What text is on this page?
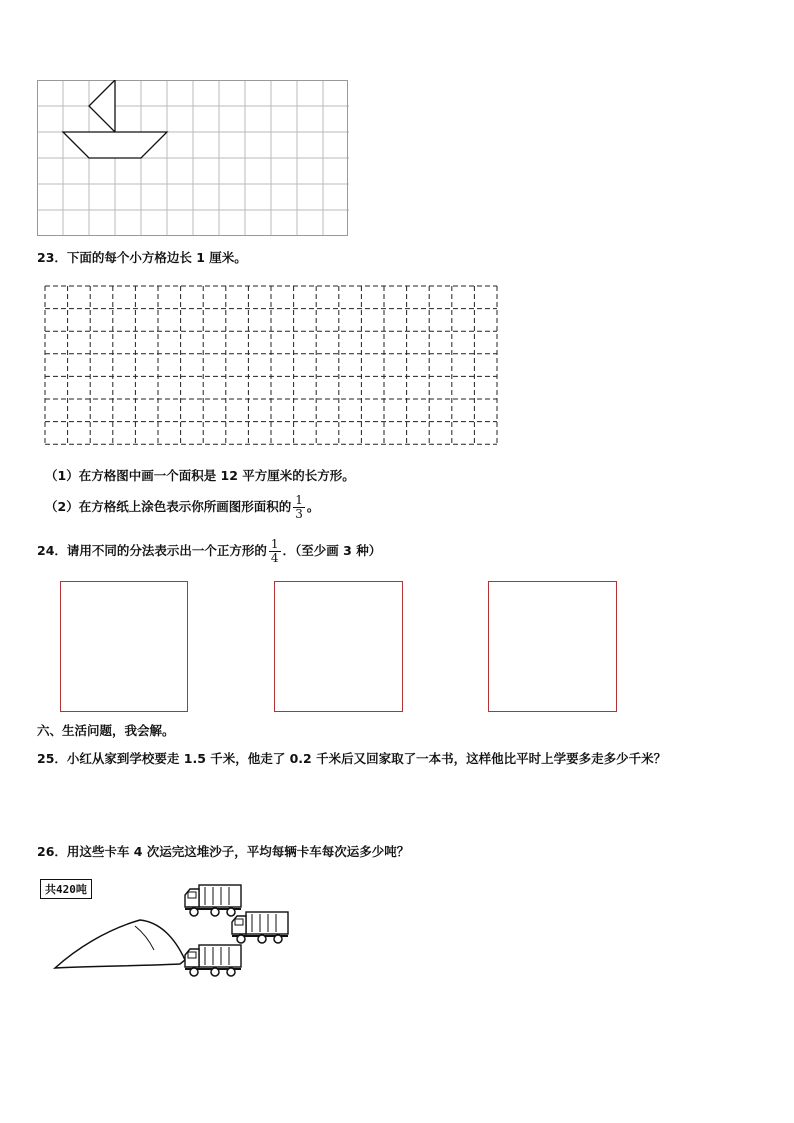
23．下面的每个小方格边长 1 厘米。
（1）在方格图中画一个面积是 12 平方厘米的长方形。
（2）在方格纸上涂色表示你所画图形面积的 $\frac{1}{3}$ 。
24．请用不同的分法表示出一个正方形的 $\frac{1}{4}$ ．（至少画 3 种）
六、生活问题，我会解。
25．小红从家到学校要走 1.5 千米，他走了 0.2 千米后又回家取了一本书，这样他比平时上学要多走多少千米？
26．用这些卡车 4 次运完这堆沙子，平均每辆卡车每次运多少吨？
共420吨
